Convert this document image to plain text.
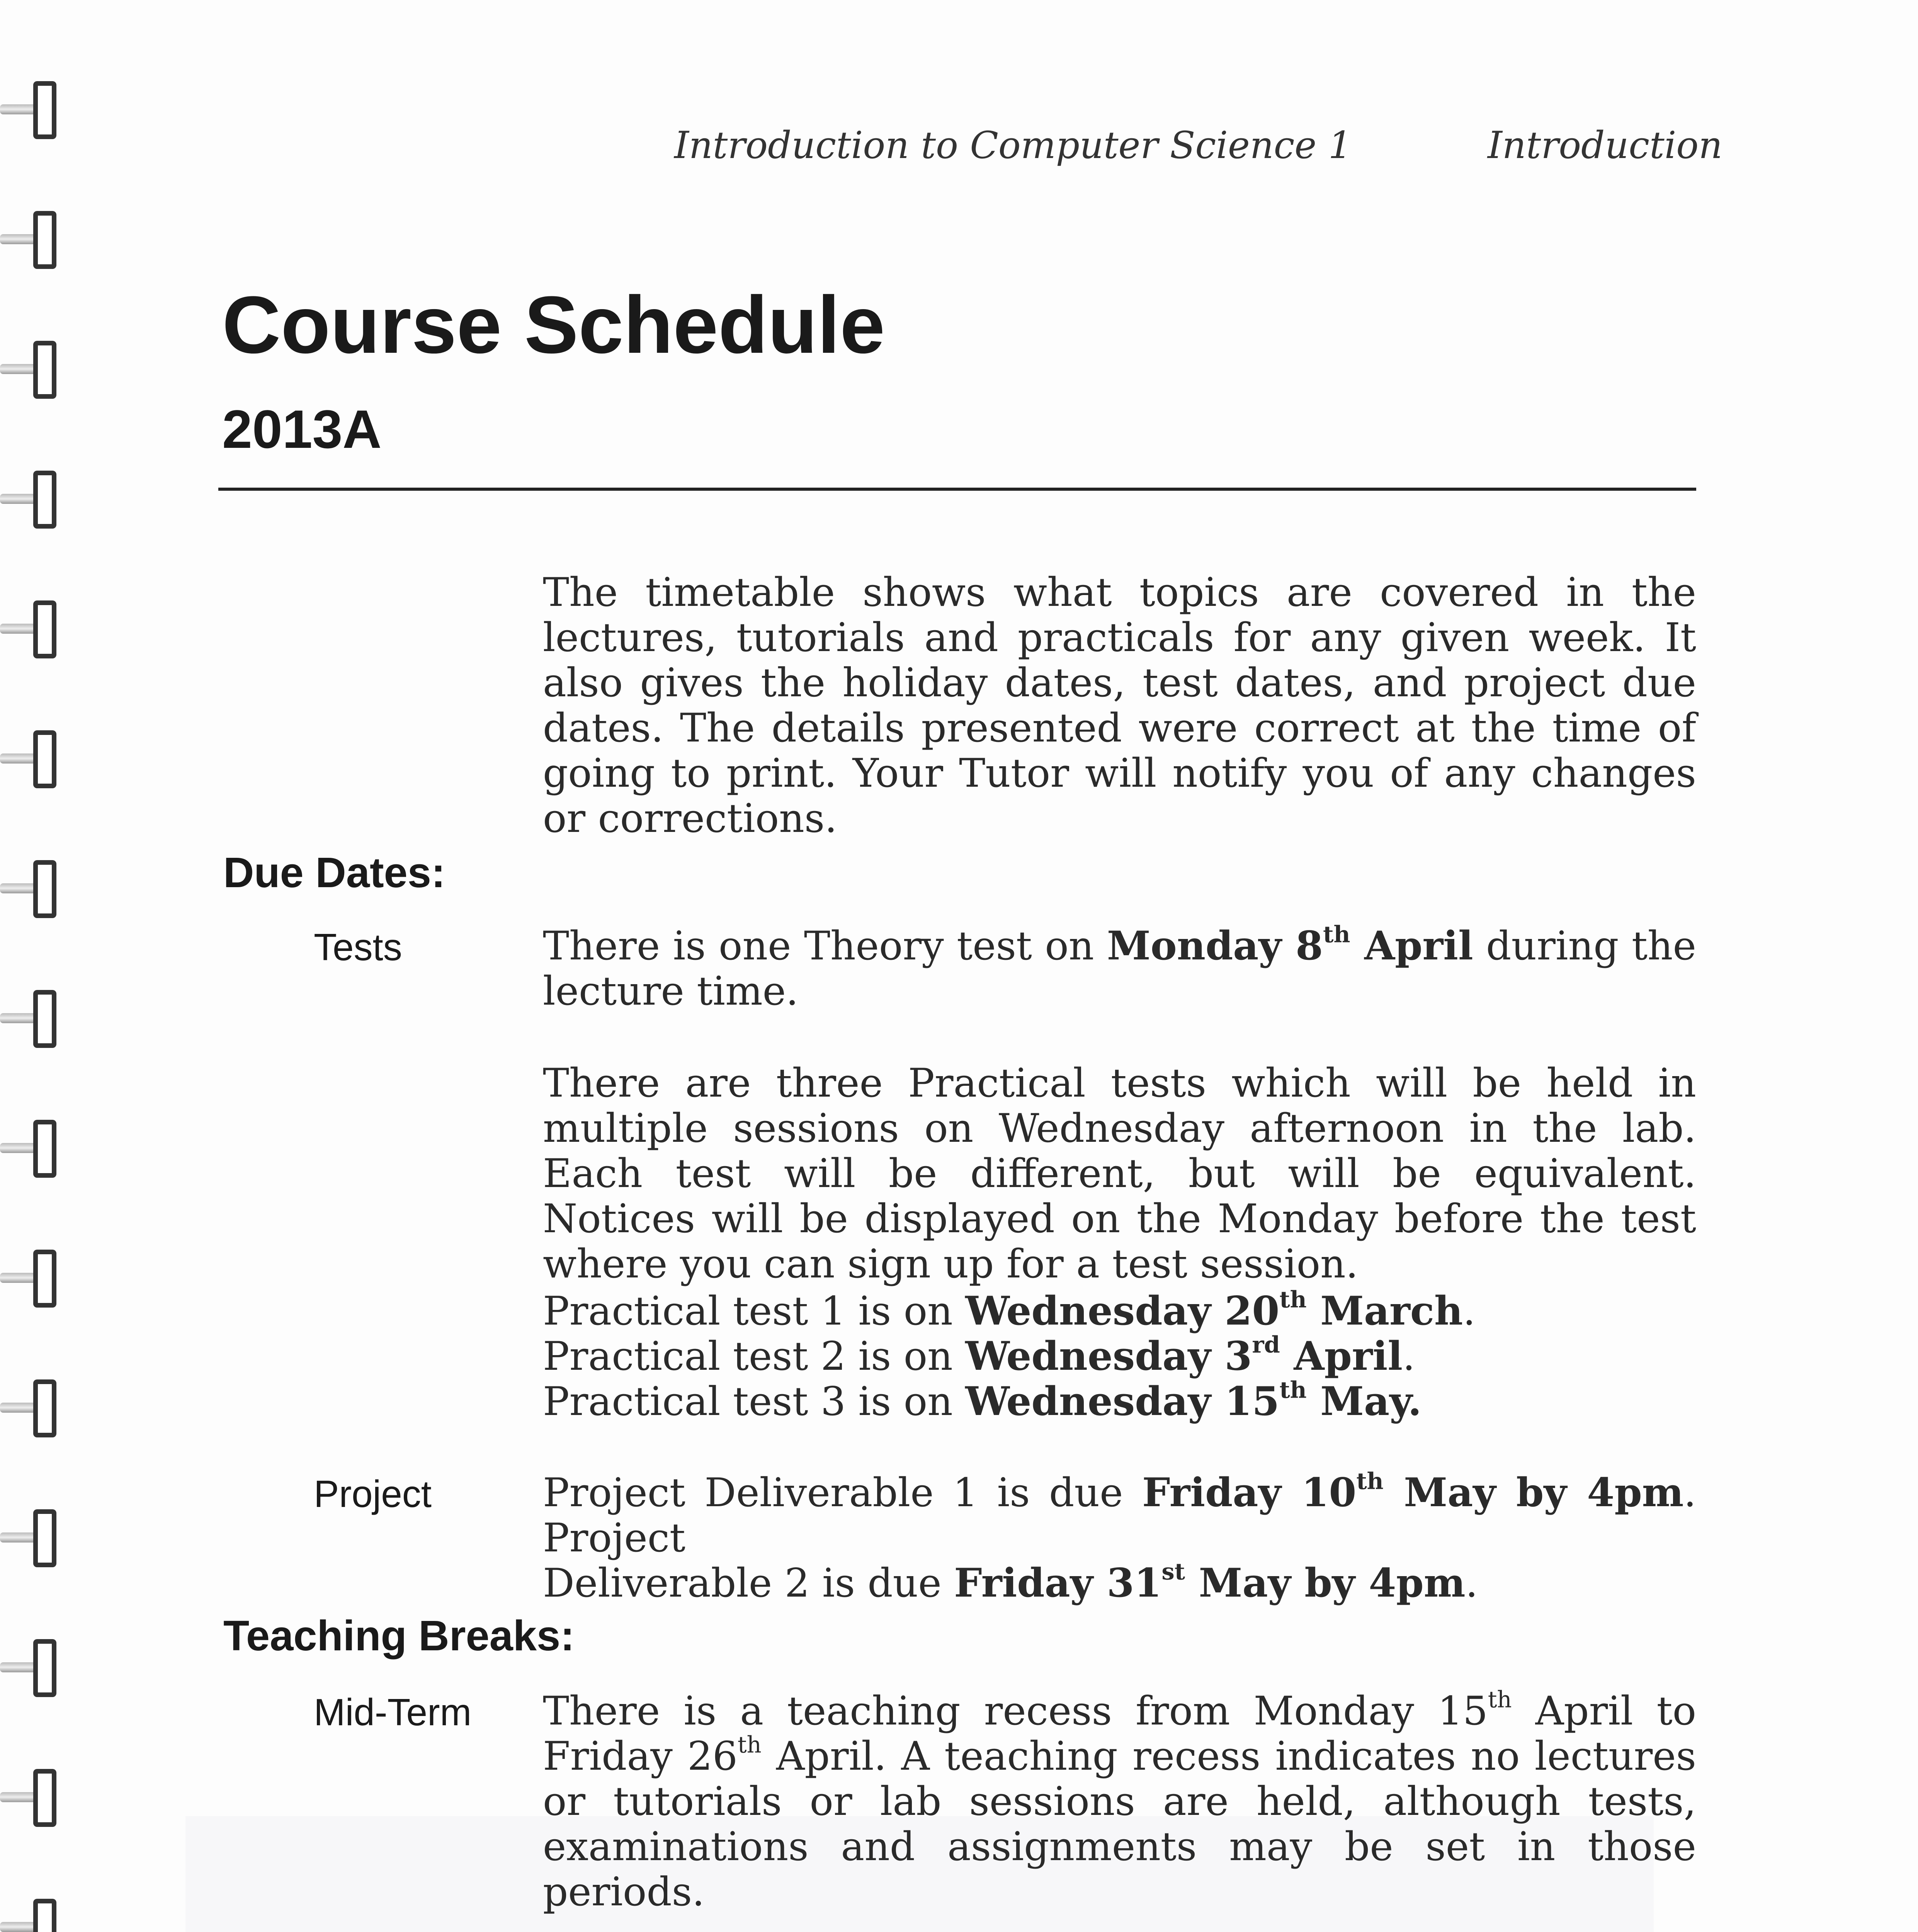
Introduction to Computer Science 1	Introduction
Course Schedule
2013A

The timetable shows what topics are covered in the lectures, tutorials and practicals for any given week. It also gives the holiday dates, test dates, and project due dates. The details presented were correct at the time of going to print. Your Tutor will notify you of any changes or corrections.

Due Dates:
Tests	There is one Theory test on Monday 8th April during the lecture time.

There are three Practical tests which will be held in multiple sessions on Wednesday afternoon in the lab. Each test will be different, but will be equivalent. Notices will be displayed on the Monday before the test where you can sign up for a test session.

Practical test 1 is on Wednesday 20th March.
Practical test 2 is on Wednesday 3rd April.
Practical test 3 is on Wednesday 15th May.

Project	Project Deliverable 1 is due Friday 10th May by 4pm. Project
Deliverable 2 is due Friday 31st May by 4pm.

Teaching Breaks:
Mid-Term There is a teaching recess from Monday 15th April to Friday 26th April. A teaching recess indicates no lectures or tutorials or lab sessions are held, although tests, examinations and assignments may be set in those periods.
